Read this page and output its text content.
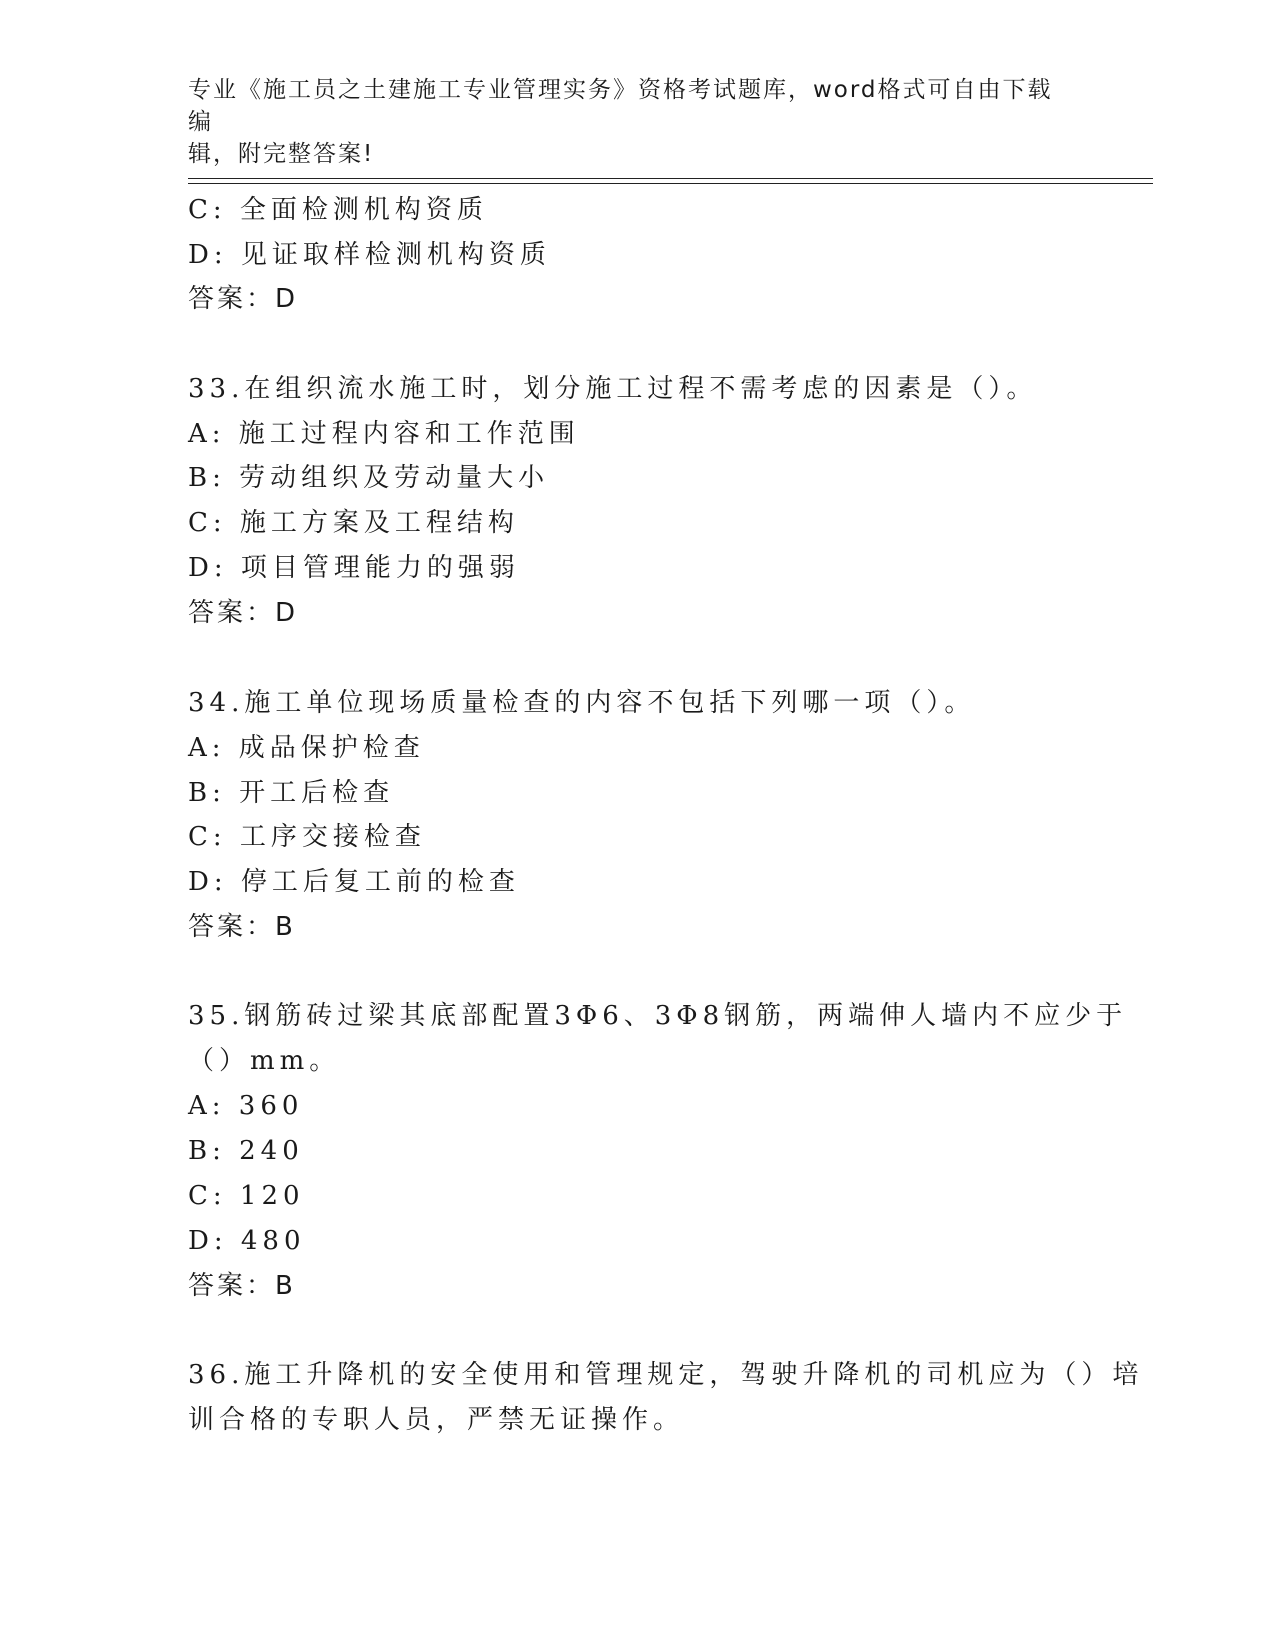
专业《施工员之土建施工专业管理实务》资格考试题库，word格式可自由下载编
辑，附完整答案!
C: 全面检测机构资质
D: 见证取样检测机构资质
答案：D
33.在组织流水施工时，划分施工过程不需考虑的因素是（）。
A: 施工过程内容和工作范围
B: 劳动组织及劳动量大小
C: 施工方案及工程结构
D: 项目管理能力的强弱
答案：D
34.施工单位现场质量检查的内容不包括下列哪一项（）。
A: 成品保护检查
B: 开工后检查
C: 工序交接检查
D: 停工后复工前的检查
答案：B
35.钢筋砖过梁其底部配置3Φ6、3Φ8钢筋，两端伸人墙内不应少于
（）mm。
A: 360
B: 240
C: 120
D: 480
答案：B
36.施工升降机的安全使用和管理规定，驾驶升降机的司机应为（）培
训合格的专职人员，严禁无证操作。
